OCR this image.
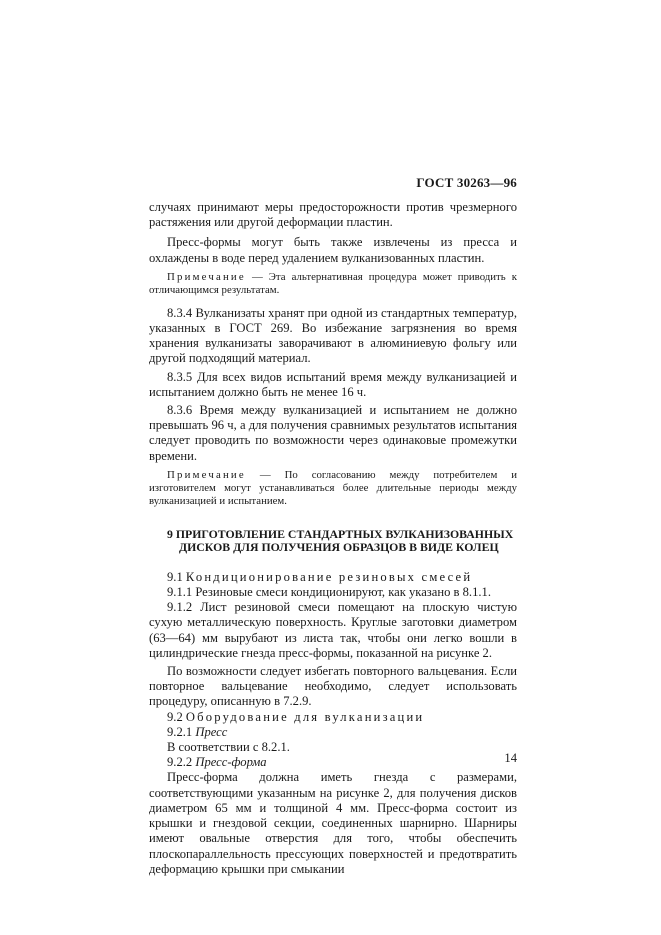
ГОСТ 30263—96

случаях принимают меры предосторожности против чрезмерного растяжения или другой деформации пластин.

Пресс-формы могут быть также извлечены из пресса и охлаждены в воде перед удалением вулканизованных пластин.

Примечание — Эта альтернативная процедура может приводить к отличающимся результатам.

8.3.4 Вулканизаты хранят при одной из стандартных температур, указанных в ГОСТ 269. Во избежание загрязнения во время хранения вулканизаты заворачивают в алюминиевую фольгу или другой подходящий материал.

8.3.5 Для всех видов испытаний время между вулканизацией и испытанием должно быть не менее 16 ч.

8.3.6 Время между вулканизацией и испытанием не должно превышать 96 ч, а для получения сравнимых результатов испытания следует проводить по возможности через одинаковые промежутки времени.

Примечание — По согласованию между потребителем и изготовителем могут устанавливаться более длительные периоды между вулканизацией и испытанием.

9 ПРИГОТОВЛЕНИЕ СТАНДАРТНЫХ ВУЛКАНИЗОВАННЫХ
ДИСКОВ ДЛЯ ПОЛУЧЕНИЯ ОБРАЗЦОВ В ВИДЕ КОЛЕЦ

9.1 Кондиционирование резиновых смесей

9.1.1 Резиновые смеси кондиционируют, как указано в 8.1.1.

9.1.2 Лист резиновой смеси помещают на плоскую чистую сухую металлическую поверхность. Круглые заготовки диаметром (63—64) мм вырубают из листа так, чтобы они легко вошли в цилиндрические гнезда пресс-формы, показанной на рисунке 2.

По возможности следует избегать повторного вальцевания. Если повторное вальцевание необходимо, следует использовать процедуру, описанную в 7.2.9.

9.2 Оборудование для вулканизации

9.2.1 Пресс

В соответствии с 8.2.1.

9.2.2 Пресс-форма

Пресс-форма должна иметь гнезда с размерами, соответствующими указанным на рисунке 2, для получения дисков диаметром 65 мм и толщиной 4 мм. Пресс-форма состоит из крышки и гнездовой секции, соединенных шарнирно. Шарниры имеют овальные отверстия для того, чтобы обеспечить плоскопараллельность прессующих поверхностей и предотвратить деформацию крышки при смыкании

14
